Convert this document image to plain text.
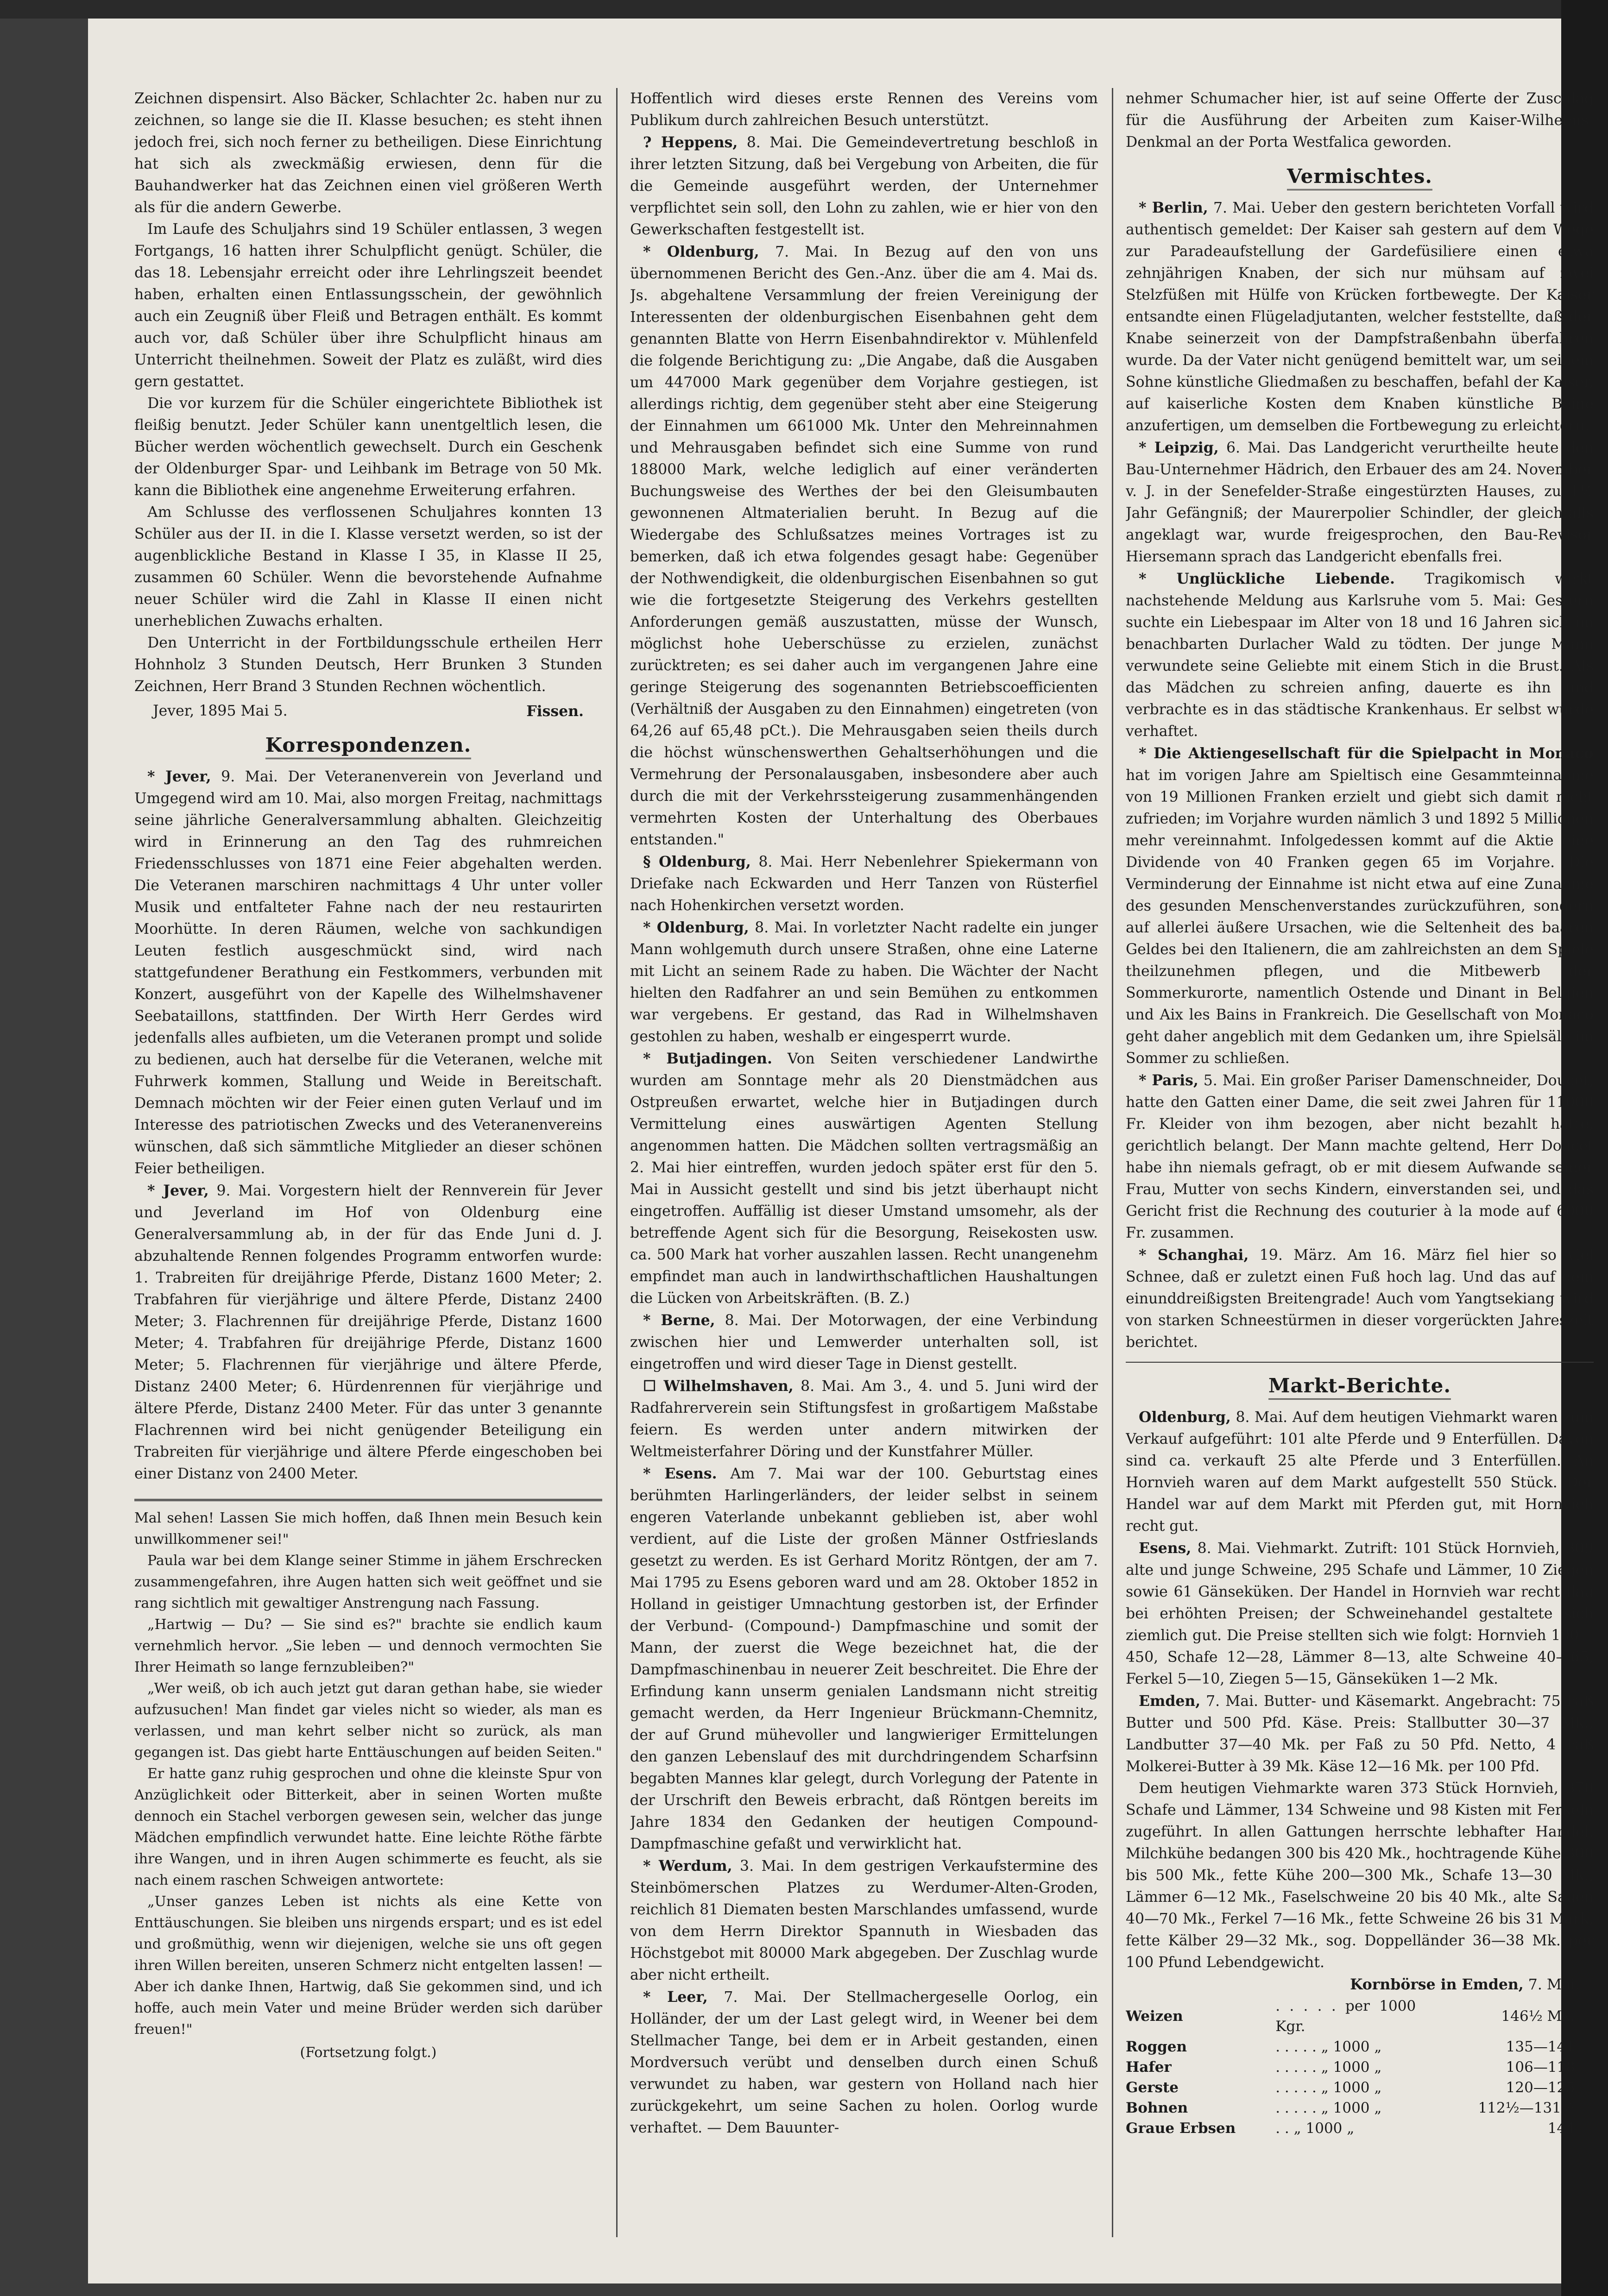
Zeichnen dispensirt. Also Bäcker, Schlachter 2c. haben nur zu zeichnen, so lange sie die II. Klasse besuchen; es steht ihnen jedoch frei, sich noch ferner zu betheiligen. Diese Einrichtung hat sich als zweckmäßig erwiesen, denn für die Bauhandwerker hat das Zeichnen einen viel größeren Werth als für die andern Gewerbe.

Im Laufe des Schuljahrs sind 19 Schüler entlassen, 3 wegen Fortgangs, 16 hatten ihrer Schulpflicht genügt. Schüler, die das 18. Lebensjahr erreicht oder ihre Lehrlingszeit beendet haben, erhalten einen Entlassungsschein, der gewöhnlich auch ein Zeugniß über Fleiß und Betragen enthält. Es kommt auch vor, daß Schüler über ihre Schulpflicht hinaus am Unterricht theilnehmen. Soweit der Platz es zuläßt, wird dies gern gestattet.

Die vor kurzem für die Schüler eingerichtete Bibliothek ist fleißig benutzt. Jeder Schüler kann unentgeltlich lesen, die Bücher werden wöchentlich gewechselt. Durch ein Geschenk der Oldenburger Spar- und Leihbank im Betrage von 50 Mk. kann die Bibliothek eine angenehme Erweiterung erfahren.

Am Schlusse des verflossenen Schuljahres konnten 13 Schüler aus der II. in die I. Klasse versetzt werden, so ist der augenblickliche Bestand in Klasse I 35, in Klasse II 25, zusammen 60 Schüler. Wenn die bevorstehende Aufnahme neuer Schüler wird die Zahl in Klasse II einen nicht unerheblichen Zuwachs erhalten.

Den Unterricht in der Fortbildungsschule ertheilen Herr Hohnholz 3 Stunden Deutsch, Herr Brunken 3 Stunden Zeichnen, Herr Brand 3 Stunden Rechnen wöchentlich.

Jever, 1895 Mai 5.	Fissen.
Korrespondenzen.

* Jever, 9. Mai. Der Veteranenverein von Jeverland und Umgegend wird am 10. Mai, also morgen Freitag, nachmittags seine jährliche Generalversammlung abhalten. Gleichzeitig wird in Erinnerung an den Tag des ruhmreichen Friedensschlusses von 1871 eine Feier abgehalten werden. Die Veteranen marschiren nachmittags 4 Uhr unter voller Musik und entfalteter Fahne nach der neu restaurirten Moorhütte. In deren Räumen, welche von sachkundigen Leuten festlich ausgeschmückt sind, wird nach stattgefundener Berathung ein Festkommers, verbunden mit Konzert, ausgeführt von der Kapelle des Wilhelmshavener Seebataillons, stattfinden. Der Wirth Herr Gerdes wird jedenfalls alles aufbieten, um die Veteranen prompt und solide zu bedienen, auch hat derselbe für die Veteranen, welche mit Fuhrwerk kommen, Stallung und Weide in Bereitschaft. Demnach möchten wir der Feier einen guten Verlauf und im Interesse des patriotischen Zwecks und des Veteranenvereins wünschen, daß sich sämmtliche Mitglieder an dieser schönen Feier betheiligen.

* Jever, 9. Mai. Vorgestern hielt der Rennverein für Jever und Jeverland im Hof von Oldenburg eine Generalversammlung ab, in der für das Ende Juni d. J. abzuhaltende Rennen folgendes Programm entworfen wurde: 1. Trabreiten für dreijährige Pferde, Distanz 1600 Meter; 2. Trabfahren für vierjährige und ältere Pferde, Distanz 2400 Meter; 3. Flachrennen für dreijährige Pferde, Distanz 1600 Meter; 4. Trabfahren für dreijährige Pferde, Distanz 1600 Meter; 5. Flachrennen für vierjährige und ältere Pferde, Distanz 2400 Meter; 6. Hürdenrennen für vierjährige und ältere Pferde, Distanz 2400 Meter. Für das unter 3 genannte Flachrennen wird bei nicht genügender Beteiligung ein Trabreiten für vierjährige und ältere Pferde eingeschoben bei einer Distanz von 2400 Meter.

Mal sehen! Lassen Sie mich hoffen, daß Ihnen mein Besuch kein unwillkommener sei!"

Paula war bei dem Klange seiner Stimme in jähem Erschrecken zusammengefahren, ihre Augen hatten sich weit geöffnet und sie rang sichtlich mit gewaltiger Anstrengung nach Fassung.

„Hartwig — Du? — Sie sind es?" brachte sie endlich kaum vernehmlich hervor. „Sie leben — und dennoch vermochten Sie Ihrer Heimath so lange fernzubleiben?"

„Wer weiß, ob ich auch jetzt gut daran gethan habe, sie wieder aufzusuchen! Man findet gar vieles nicht so wieder, als man es verlassen, und man kehrt selber nicht so zurück, als man gegangen ist. Das giebt harte Enttäuschungen auf beiden Seiten."

Er hatte ganz ruhig gesprochen und ohne die kleinste Spur von Anzüglichkeit oder Bitterkeit, aber in seinen Worten mußte dennoch ein Stachel verborgen gewesen sein, welcher das junge Mädchen empfindlich verwundet hatte. Eine leichte Röthe färbte ihre Wangen, und in ihren Augen schimmerte es feucht, als sie nach einem raschen Schweigen antwortete:

„Unser ganzes Leben ist nichts als eine Kette von Enttäuschungen. Sie bleiben uns nirgends erspart; und es ist edel und großmüthig, wenn wir diejenigen, welche sie uns oft gegen ihren Willen bereiten, unseren Schmerz nicht entgelten lassen! — Aber ich danke Ihnen, Hartwig, daß Sie gekommen sind, und ich hoffe, auch mein Vater und meine Brüder werden sich darüber freuen!"

(Fortsetzung folgt.)

Hoffentlich wird dieses erste Rennen des Vereins vom Publikum durch zahlreichen Besuch unterstützt.

? Heppens, 8. Mai. Die Gemeindevertretung beschloß in ihrer letzten Sitzung, daß bei Vergebung von Arbeiten, die für die Gemeinde ausgeführt werden, der Unternehmer verpflichtet sein soll, den Lohn zu zahlen, wie er hier von den Gewerkschaften festgestellt ist.

* Oldenburg, 7. Mai. In Bezug auf den von uns übernommenen Bericht des Gen.-Anz. über die am 4. Mai ds. Js. abgehaltene Versammlung der freien Vereinigung der Interessenten der oldenburgischen Eisenbahnen geht dem genannten Blatte von Herrn Eisenbahndirektor v. Mühlenfeld die folgende Berichtigung zu: „Die Angabe, daß die Ausgaben um 447000 Mark gegenüber dem Vorjahre gestiegen, ist allerdings richtig, dem gegenüber steht aber eine Steigerung der Einnahmen um 661000 Mk. Unter den Mehreinnahmen und Mehrausgaben befindet sich eine Summe von rund 188000 Mark, welche lediglich auf einer veränderten Buchungsweise des Werthes der bei den Gleisumbauten gewonnenen Altmaterialien beruht. In Bezug auf die Wiedergabe des Schlußsatzes meines Vortrages ist zu bemerken, daß ich etwa folgendes gesagt habe: Gegenüber der Nothwendigkeit, die oldenburgischen Eisenbahnen so gut wie die fortgesetzte Steigerung des Verkehrs gestellten Anforderungen gemäß auszustatten, müsse der Wunsch, möglichst hohe Ueberschüsse zu erzielen, zunächst zurücktreten; es sei daher auch im vergangenen Jahre eine geringe Steigerung des sogenannten Betriebscoefficienten (Verhältniß der Ausgaben zu den Einnahmen) eingetreten (von 64,26 auf 65,48 pCt.). Die Mehrausgaben seien theils durch die höchst wünschenswerthen Gehaltserhöhungen und die Vermehrung der Personalausgaben, insbesondere aber auch durch die mit der Verkehrssteigerung zusammenhängenden vermehrten Kosten der Unterhaltung des Oberbaues entstanden."

§ Oldenburg, 8. Mai. Herr Nebenlehrer Spiekermann von Driefake nach Eckwarden und Herr Tanzen von Rüsterfiel nach Hohenkirchen versetzt worden.

* Oldenburg, 8. Mai. In vorletzter Nacht radelte ein junger Mann wohlgemuth durch unsere Straßen, ohne eine Laterne mit Licht an seinem Rade zu haben. Die Wächter der Nacht hielten den Radfahrer an und sein Bemühen zu entkommen war vergebens. Er gestand, das Rad in Wilhelmshaven gestohlen zu haben, weshalb er eingesperrt wurde.

* Butjadingen. Von Seiten verschiedener Landwirthe wurden am Sonntage mehr als 20 Dienstmädchen aus Ostpreußen erwartet, welche hier in Butjadingen durch Vermittelung eines auswärtigen Agenten Stellung angenommen hatten. Die Mädchen sollten vertragsmäßig an 2. Mai hier eintreffen, wurden jedoch später erst für den 5. Mai in Aussicht gestellt und sind bis jetzt überhaupt nicht eingetroffen. Auffällig ist dieser Umstand umsomehr, als der betreffende Agent sich für die Besorgung, Reisekosten usw. ca. 500 Mark hat vorher auszahlen lassen. Recht unangenehm empfindet man auch in landwirthschaftlichen Haushaltungen die Lücken von Arbeitskräften. (B. Z.)

* Berne, 8. Mai. Der Motorwagen, der eine Verbindung zwischen hier und Lemwerder unterhalten soll, ist eingetroffen und wird dieser Tage in Dienst gestellt.

☐ Wilhelmshaven, 8. Mai. Am 3., 4. und 5. Juni wird der Radfahrerverein sein Stiftungsfest in großartigem Maßstabe feiern. Es werden unter andern mitwirken der Weltmeisterfahrer Döring und der Kunstfahrer Müller.

* Esens. Am 7. Mai war der 100. Geburtstag eines berühmten Harlingerländers, der leider selbst in seinem engeren Vaterlande unbekannt geblieben ist, aber wohl verdient, auf die Liste der großen Männer Ostfrieslands gesetzt zu werden. Es ist Gerhard Moritz Röntgen, der am 7. Mai 1795 zu Esens geboren ward und am 28. Oktober 1852 in Holland in geistiger Umnachtung gestorben ist, der Erfinder der Verbund- (Compound-) Dampfmaschine und somit der Mann, der zuerst die Wege bezeichnet hat, die der Dampfmaschinenbau in neuerer Zeit beschreitet. Die Ehre der Erfindung kann unserm genialen Landsmann nicht streitig gemacht werden, da Herr Ingenieur Brückmann-Chemnitz, der auf Grund mühevoller und langwieriger Ermittelungen den ganzen Lebenslauf des mit durchdringendem Scharfsinn begabten Mannes klar gelegt, durch Vorlegung der Patente in der Urschrift den Beweis erbracht, daß Röntgen bereits im Jahre 1834 den Gedanken der heutigen Compound-Dampfmaschine gefaßt und verwirklicht hat.

* Werdum, 3. Mai. In dem gestrigen Verkaufstermine des Steinbömerschen Platzes zu Werdumer-Alten-Groden, reichlich 81 Diematen besten Marschlandes umfassend, wurde von dem Herrn Direktor Spannuth in Wiesbaden das Höchstgebot mit 80000 Mark abgegeben. Der Zuschlag wurde aber nicht ertheilt.

* Leer, 7. Mai. Der Stellmachergeselle Oorlog, ein Holländer, der um der Last gelegt wird, in Weener bei dem Stellmacher Tange, bei dem er in Arbeit gestanden, einen Mordversuch verübt und denselben durch einen Schuß verwundet zu haben, war gestern von Holland nach hier zurückgekehrt, um seine Sachen zu holen. Oorlog wurde verhaftet. — Dem Bauunter-

nehmer Schumacher hier, ist auf seine Offerte der Zuschlag für die Ausführung der Arbeiten zum Kaiser-Wilhelms-Denkmal an der Porta Westfalica geworden.

Vermischtes.

* Berlin, 7. Mai. Ueber den gestern berichteten Vorfall wird authentisch gemeldet: Der Kaiser sah gestern auf dem Wege zur Paradeaufstellung der Gardefüsiliere einen etwa zehnjährigen Knaben, der sich nur mühsam auf zwei Stelzfüßen mit Hülfe von Krücken fortbewegte. Der Kaiser entsandte einen Flügeladjutanten, welcher feststellte, daß der Knabe seinerzeit von der Dampfstraßenbahn überfahren wurde. Da der Vater nicht genügend bemittelt war, um seinem Sohne künstliche Gliedmaßen zu beschaffen, befahl der Kaiser, auf kaiserliche Kosten dem Knaben künstliche Beine anzufertigen, um demselben die Fortbewegung zu erleichtern.

* Leipzig, 6. Mai. Das Landgericht verurtheilte heute den Bau-Unternehmer Hädrich, den Erbauer des am 24. November v. J. in der Senefelder-Straße eingestürzten Hauses, zu 1½ Jahr Gefängniß; der Maurerpolier Schindler, der gleichfalls angeklagt war, wurde freigesprochen, den Bau-Revisor Hiersemann sprach das Landgericht ebenfalls frei.

* Unglückliche Liebende. Tragikomisch wirkt nachstehende Meldung aus Karlsruhe vom 5. Mai: Gestern suchte ein Liebespaar im Alter von 18 und 16 Jahren sich im benachbarten Durlacher Wald zu tödten. Der junge Mann verwundete seine Geliebte mit einem Stich in die Brust. Als das Mädchen zu schreien anfing, dauerte es ihn und verbrachte es in das städtische Krankenhaus. Er selbst wurde verhaftet.

* Die Aktiengesellschaft für die Spielpacht in Monaco hat im vorigen Jahre am Spieltisch eine Gesammteinnahme von 19 Millionen Franken erzielt und giebt sich damit nicht zufrieden; im Vorjahre wurden nämlich 3 und 1892 5 Millionen mehr vereinnahmt. Infolgedessen kommt auf die Aktie eine Dividende von 40 Franken gegen 65 im Vorjahre. Die Verminderung der Einnahme ist nicht etwa auf eine Zunahme des gesunden Menschenverstandes zurückzuführen, sondern auf allerlei äußere Ursachen, wie die Seltenheit des baaren Geldes bei den Italienern, die am zahlreichsten an dem Spiele theilzunehmen pflegen, und die Mitbewerb der Sommerkurorte, namentlich Ostende und Dinant in Belgien und Aix les Bains in Frankreich. Die Gesellschaft von Monaco geht daher angeblich mit dem Gedanken um, ihre Spielsäle im Sommer zu schließen.

* Paris, 5. Mai. Ein großer Pariser Damenschneider, Doucet, hatte den Gatten einer Dame, die seit zwei Jahren für 11000 Fr. Kleider von ihm bezogen, aber nicht bezahlt hatte, gerichtlich belangt. Der Mann machte geltend, Herr Doucet habe ihn niemals gefragt, ob er mit diesem Aufwande seiner Frau, Mutter von sechs Kindern, einverstanden sei, und das Gericht frist die Rechnung des couturier à la mode auf 6000 Fr. zusammen.

* Schanghai, 19. März. Am 16. März fiel hier so viel Schnee, daß er zuletzt einen Fuß hoch lag. Und das auf dem einunddreißigsten Breitengrade! Auch vom Yangtsekiang wird von starken Schneestürmen in dieser vorgerückten Jahreszeit berichtet.

Markt-Berichte.

Oldenburg, 8. Mai. Auf dem heutigen Viehmarkt waren zum Verkauf aufgeführt: 101 alte Pferde und 9 Enterfüllen. Davon sind ca. verkauft 25 alte Pferde und 3 Enterfüllen. An Hornvieh waren auf dem Markt aufgestellt 550 Stück. Der Handel war auf dem Markt mit Pferden gut, mit Hornvieh recht gut.

Esens, 8. Mai. Viehmarkt. Zutrift: 101 Stück Hornvieh, 309 alte und junge Schweine, 295 Schafe und Lämmer, 10 Ziegen sowie 61 Gänseküken. Der Handel in Hornvieh war recht flau bei erhöhten Preisen; der Schweinehandel gestaltete sich ziemlich gut. Die Preise stellten sich wie folgt: Hornvieh 100—450, Schafe 12—28, Lämmer 8—13, alte Schweine 40—65, Ferkel 5—10, Ziegen 5—15, Gänseküken 1—2 Mk.

Emden, 7. Mai. Butter- und Käsemarkt. Angebracht: 75 Faß Butter und 500 Pfd. Käse. Preis: Stallbutter 30—37 Mk., Landbutter 37—40 Mk. per Faß zu 50 Pfd. Netto, 4 Faß Molkerei-Butter à 39 Mk. Käse 12—16 Mk. per 100 Pfd.

Dem heutigen Viehmarkte waren 373 Stück Hornvieh, 370 Schafe und Lämmer, 134 Schweine und 98 Kisten mit Ferkeln zugeführt. In allen Gattungen herrschte lebhafter Handel. Milchkühe bedangen 300 bis 420 Mk., hochtragende Kühe 300 bis 500 Mk., fette Kühe 200—300 Mk., Schafe 13—30 Mk., Lämmer 6—12 Mk., Faselschweine 20 bis 40 Mk., alte Sauen 40—70 Mk., Ferkel 7—16 Mk., fette Schweine 26 bis 31 Mark, fette Kälber 29—32 Mk., sog. Doppelländer 36—38 Mk. per 100 Pfund Lebendgewicht.

Kornbörse in Emden, 7. Mai.
Weizen	. . . . . per 1000 Kgr.	146½ Mk.
Roggen	. . . . . „ 1000 „	135—141
Hafer	. . . . . „ 1000 „	106—118
Gerste	. . . . . „ 1000 „	120—125
Bohnen	. . . . . „ 1000 „	112½—131¼
Graue Erbsen	. . „ 1000 „	144
